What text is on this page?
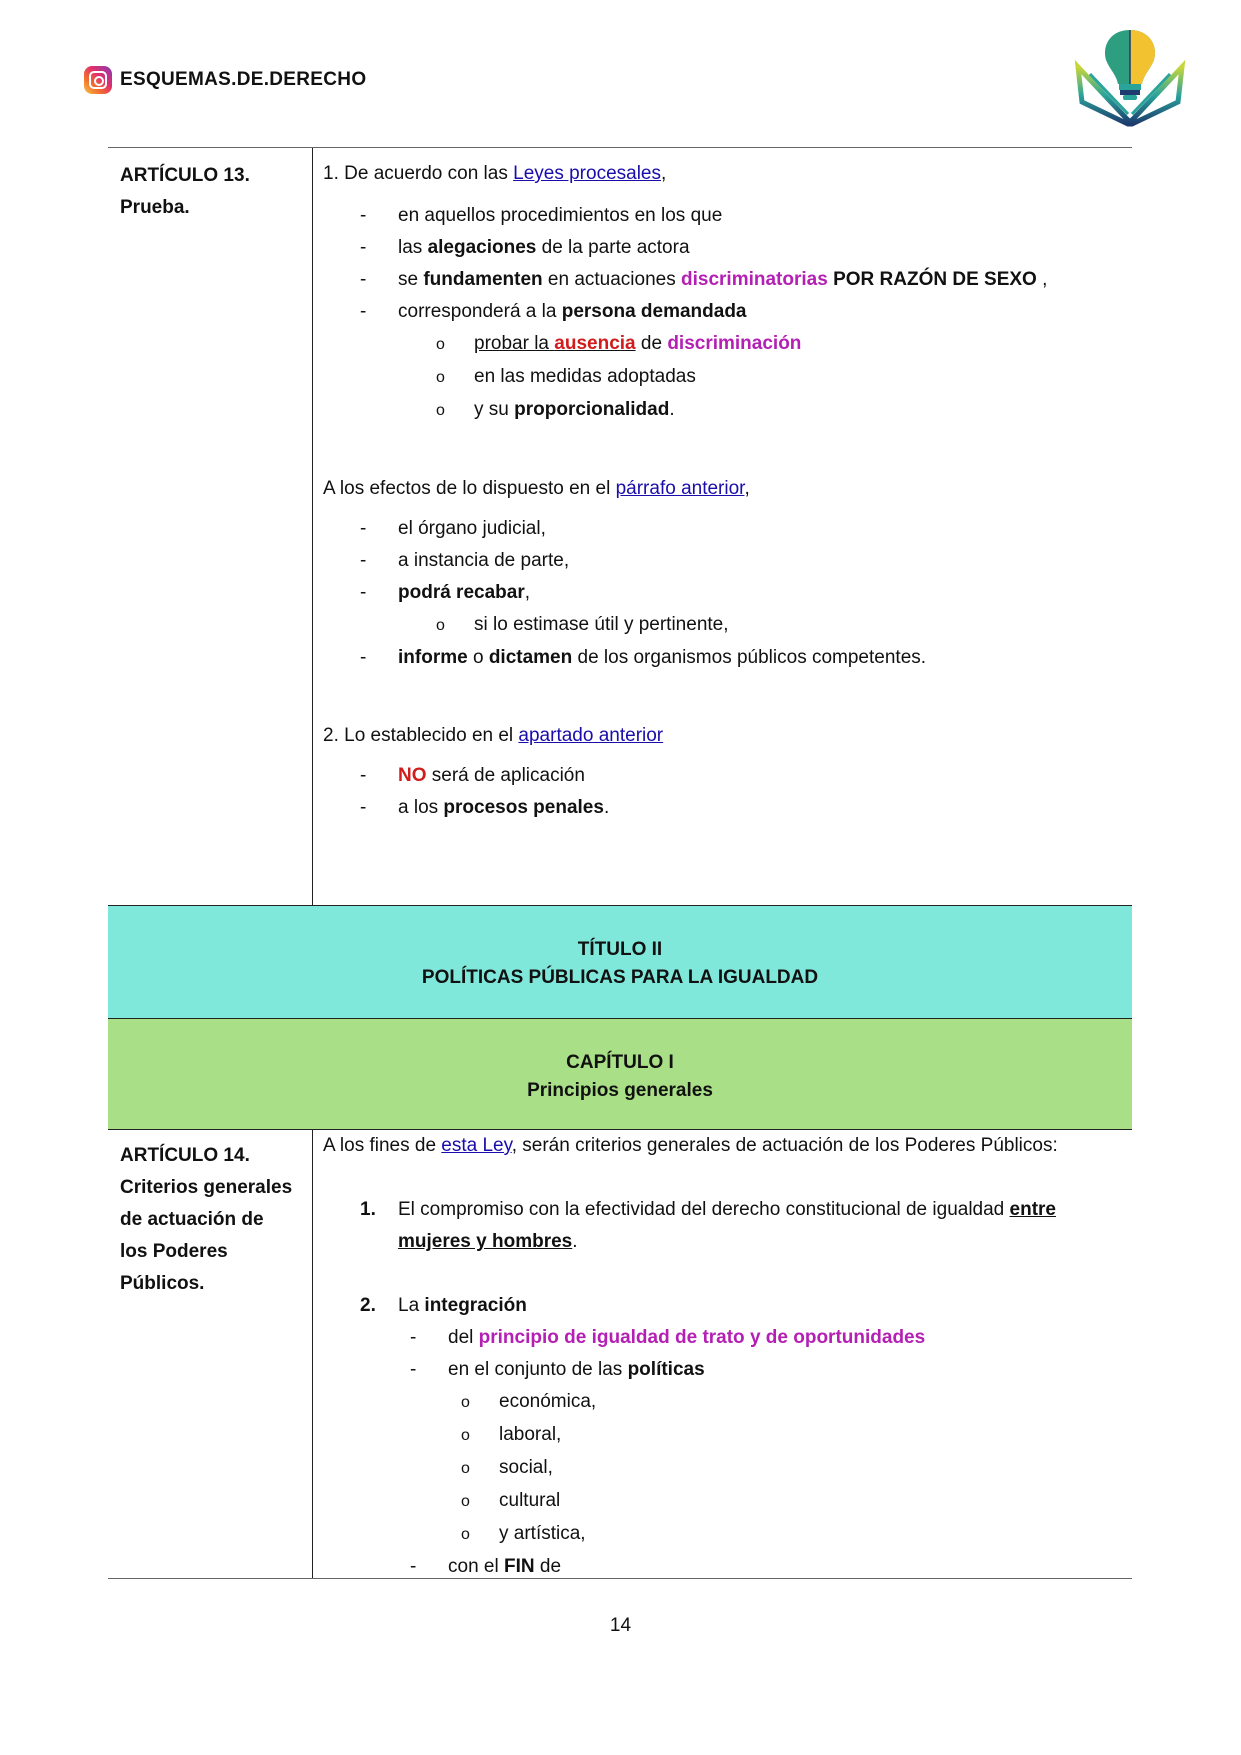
ESQUEMAS.DE.DERECHO
ARTÍCULO 13.
Prueba.
1. De acuerdo con las Leyes procesales,
- en aquellos procedimientos en los que
- las alegaciones de la parte actora
- se fundamenten en actuaciones discriminatorias POR RAZÓN DE SEXO ,
- corresponderá a la persona demandada
o probar la ausencia de discriminación
o en las medidas adoptadas
o y su proporcionalidad.
A los efectos de lo dispuesto en el párrafo anterior,
- el órgano judicial,
- a instancia de parte,
- podrá recabar,
o si lo estimase útil y pertinente,
- informe o dictamen de los organismos públicos competentes.
2. Lo establecido en el apartado anterior
- NO será de aplicación
- a los procesos penales.
TÍTULO II
POLÍTICAS PÚBLICAS PARA LA IGUALDAD
CAPÍTULO I
Principios generales
ARTÍCULO 14.
Criterios generales
de actuación de
los Poderes
Públicos.
A los fines de esta Ley, serán criterios generales de actuación de los Poderes Públicos:
1. El compromiso con la efectividad del derecho constitucional de igualdad entre
mujeres y hombres.
2. La integración
- del principio de igualdad de trato y de oportunidades
- en el conjunto de las políticas
o económica,
o laboral,
o social,
o cultural
o y artística,
- con el FIN de
14
